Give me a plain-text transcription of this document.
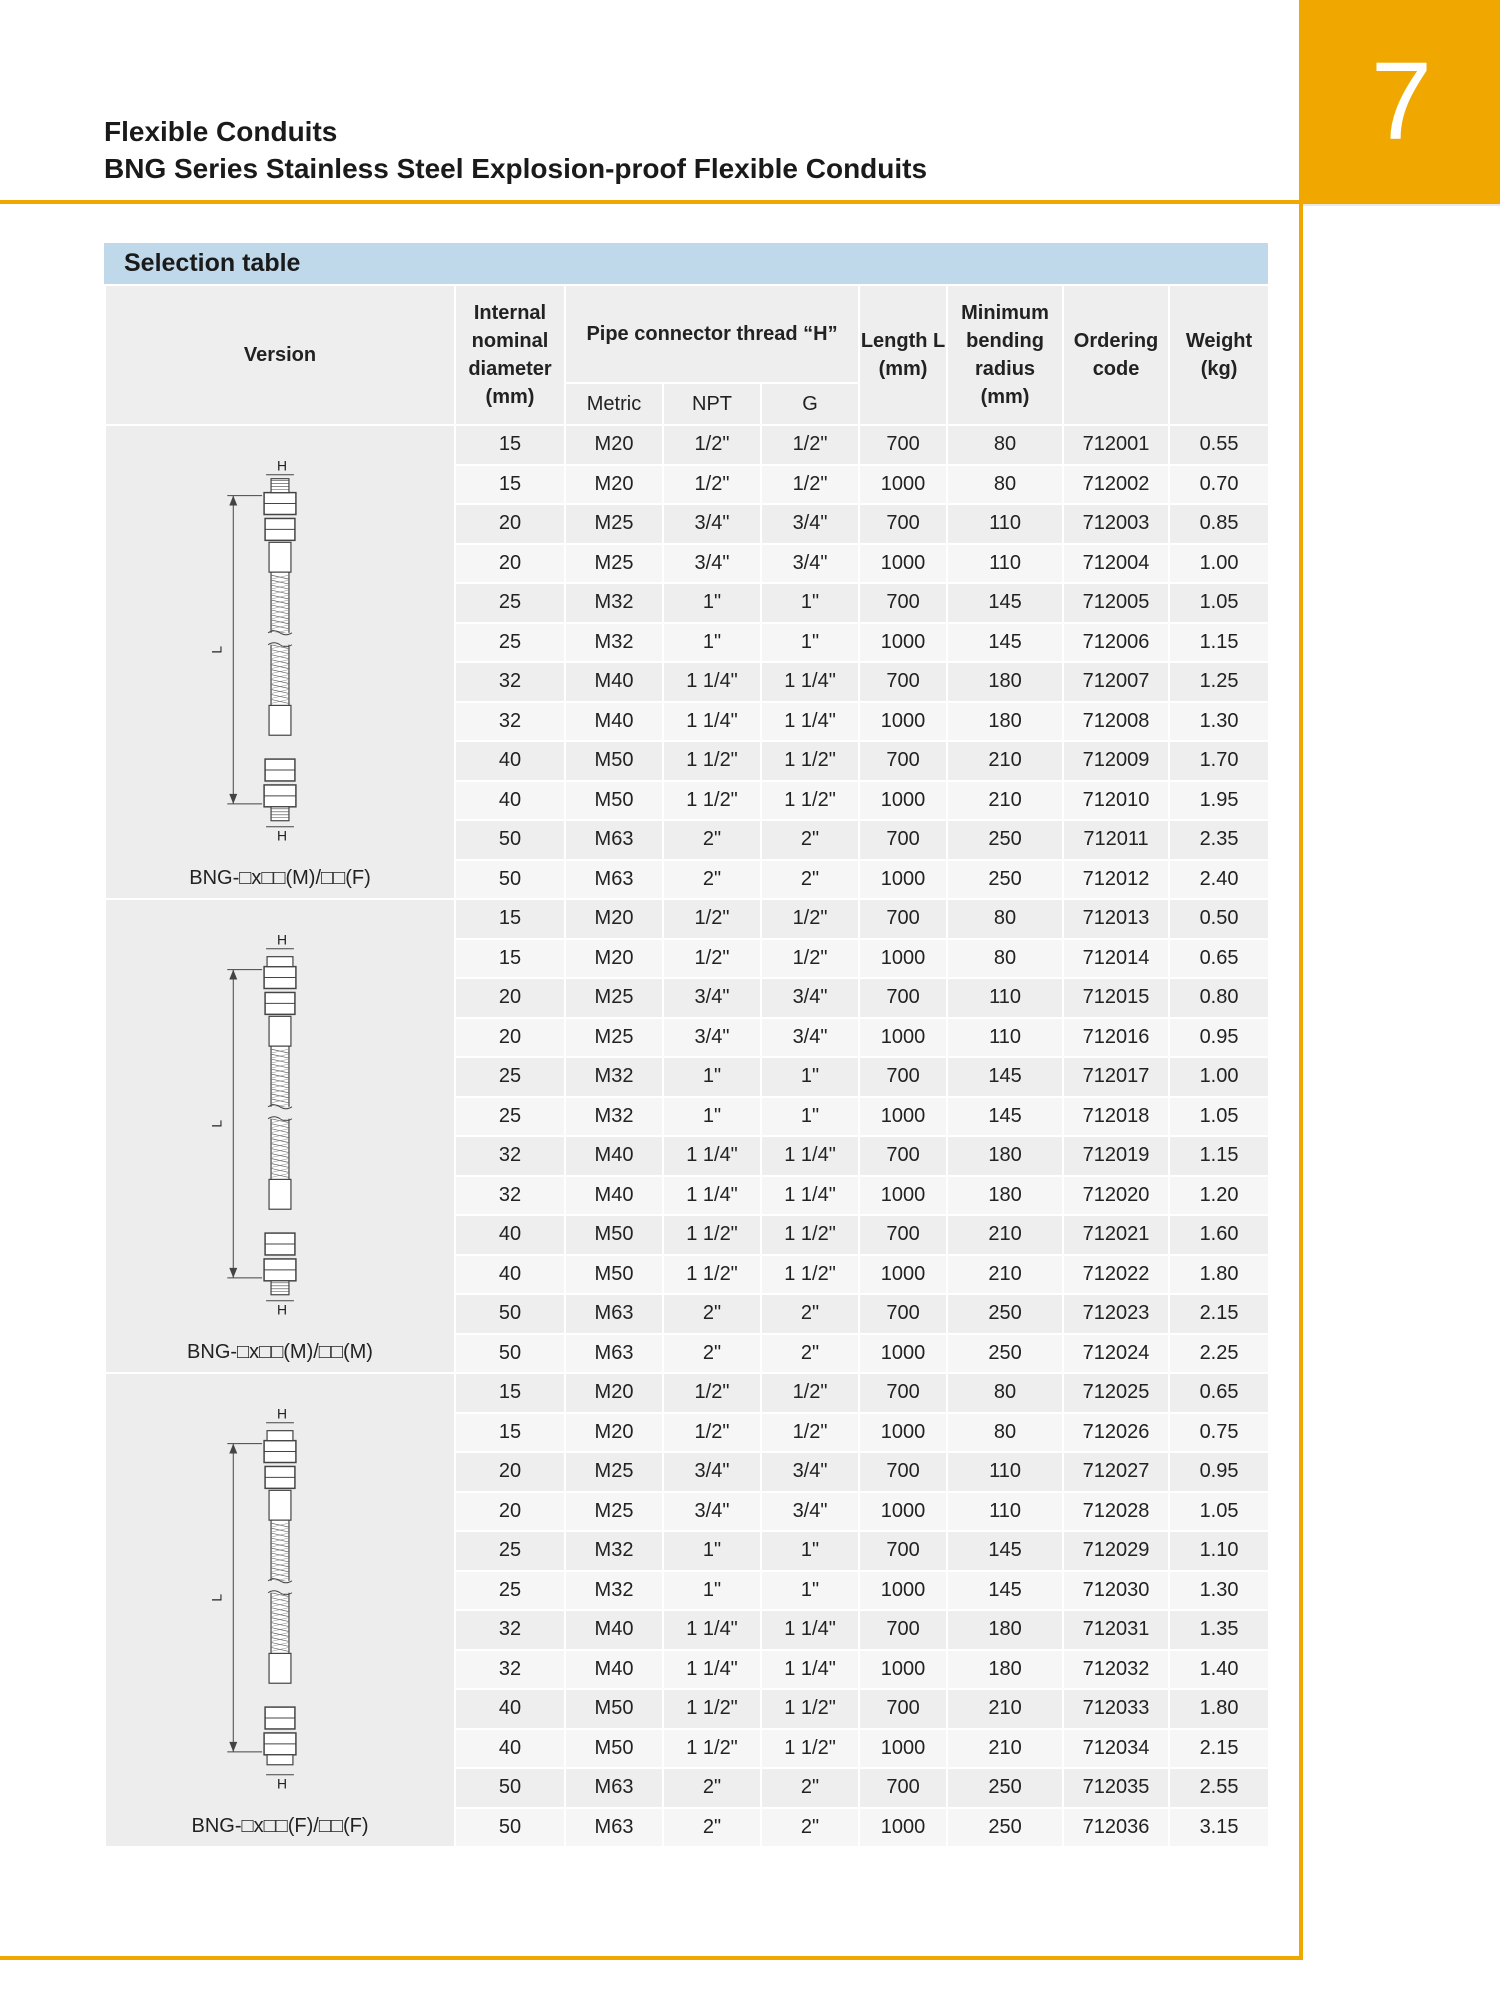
7
Flexible Conduits
BNG Series Stainless Steel Explosion-proof Flexible Conduits
Selection table
Version	Internal nominal diameter (mm)	Pipe connector thread “H”			Length L (mm)	Minimum bending radius (mm)	Ordering code	Weight (kg)
		Metric	NPT	G				

H
H
L
BNG-□x□□(M)/□□(F)	15	M20	1/2"	1/2"	700	80	712001	0.55
	15	M20	1/2"	1/2"	1000	80	712002	0.70
	20	M25	3/4"	3/4"	700	110	712003	0.85
	20	M25	3/4"	3/4"	1000	110	712004	1.00
	25	M32	1"	1"	700	145	712005	1.05
	25	M32	1"	1"	1000	145	712006	1.15
	32	M40	1 1/4"	1 1/4"	700	180	712007	1.25
	32	M40	1 1/4"	1 1/4"	1000	180	712008	1.30
	40	M50	1 1/2"	1 1/2"	700	210	712009	1.70
	40	M50	1 1/2"	1 1/2"	1000	210	712010	1.95
	50	M63	2"	2"	700	250	712011	2.35
	50	M63	2"	2"	1000	250	712012	2.40

H
H
L
BNG-□x□□(M)/□□(M)	15	M20	1/2"	1/2"	700	80	712013	0.50
	15	M20	1/2"	1/2"	1000	80	712014	0.65
	20	M25	3/4"	3/4"	700	110	712015	0.80
	20	M25	3/4"	3/4"	1000	110	712016	0.95
	25	M32	1"	1"	700	145	712017	1.00
	25	M32	1"	1"	1000	145	712018	1.05
	32	M40	1 1/4"	1 1/4"	700	180	712019	1.15
	32	M40	1 1/4"	1 1/4"	1000	180	712020	1.20
	40	M50	1 1/2"	1 1/2"	700	210	712021	1.60
	40	M50	1 1/2"	1 1/2"	1000	210	712022	1.80
	50	M63	2"	2"	700	250	712023	2.15
	50	M63	2"	2"	1000	250	712024	2.25

H
H
L
BNG-□x□□(F)/□□(F)	15	M20	1/2"	1/2"	700	80	712025	0.65
	15	M20	1/2"	1/2"	1000	80	712026	0.75
	20	M25	3/4"	3/4"	700	110	712027	0.95
	20	M25	3/4"	3/4"	1000	110	712028	1.05
	25	M32	1"	1"	700	145	712029	1.10
	25	M32	1"	1"	1000	145	712030	1.30
	32	M40	1 1/4"	1 1/4"	700	180	712031	1.35
	32	M40	1 1/4"	1 1/4"	1000	180	712032	1.40
	40	M50	1 1/2"	1 1/2"	700	210	712033	1.80
	40	M50	1 1/2"	1 1/2"	1000	210	712034	2.15
	50	M63	2"	2"	700	250	712035	2.55
	50	M63	2"	2"	1000	250	712036	3.15
